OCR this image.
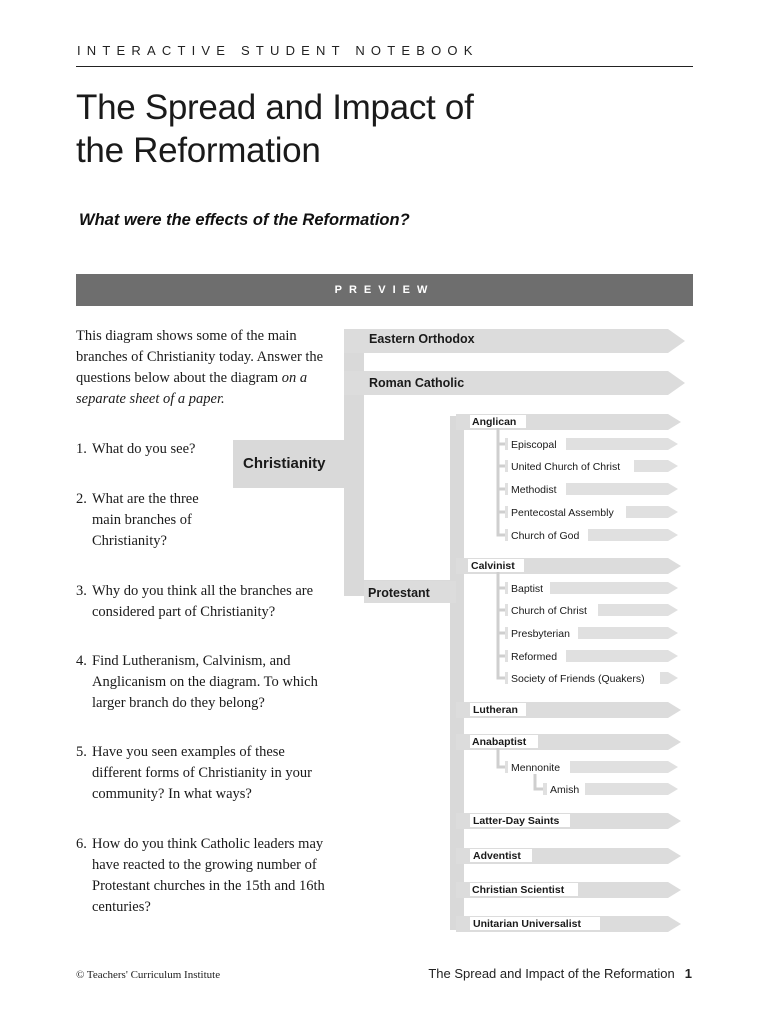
INTERACTIVE STUDENT NOTEBOOK
The Spread and Impact of
the Reformation
What were the effects of the Reformation?
PREVIEW
This diagram shows some of the main branches of Christianity today. Answer the questions below about the diagram on a separate sheet of a paper.
1. What do you see?
2. What are the three main branches of Christianity?
3. Why do you think all the branches are considered part of Christianity?
4. Find Lutheranism, Calvinism, and Anglicanism on the diagram. To which larger branch do they belong?
5. Have you seen examples of these different forms of Christianity in your community? In what ways?
6. How do you think Catholic leaders may have reacted to the growing number of Protestant churches in the 15th and 16th centuries?
Christianity
Eastern Orthodox
Roman Catholic
Protestant
Anglican
Episcopal
United Church of Christ
Methodist
Pentecostal Assembly
Church of God
Calvinist
Baptist
Church of Christ
Presbyterian
Reformed
Society of Friends (Quakers)
Lutheran
Anabaptist
Mennonite
Amish
Latter-Day Saints
Adventist
Christian Scientist
Unitarian Universalist
© Teachers' Curriculum Institute	The Spread and Impact of the Reformation 1
